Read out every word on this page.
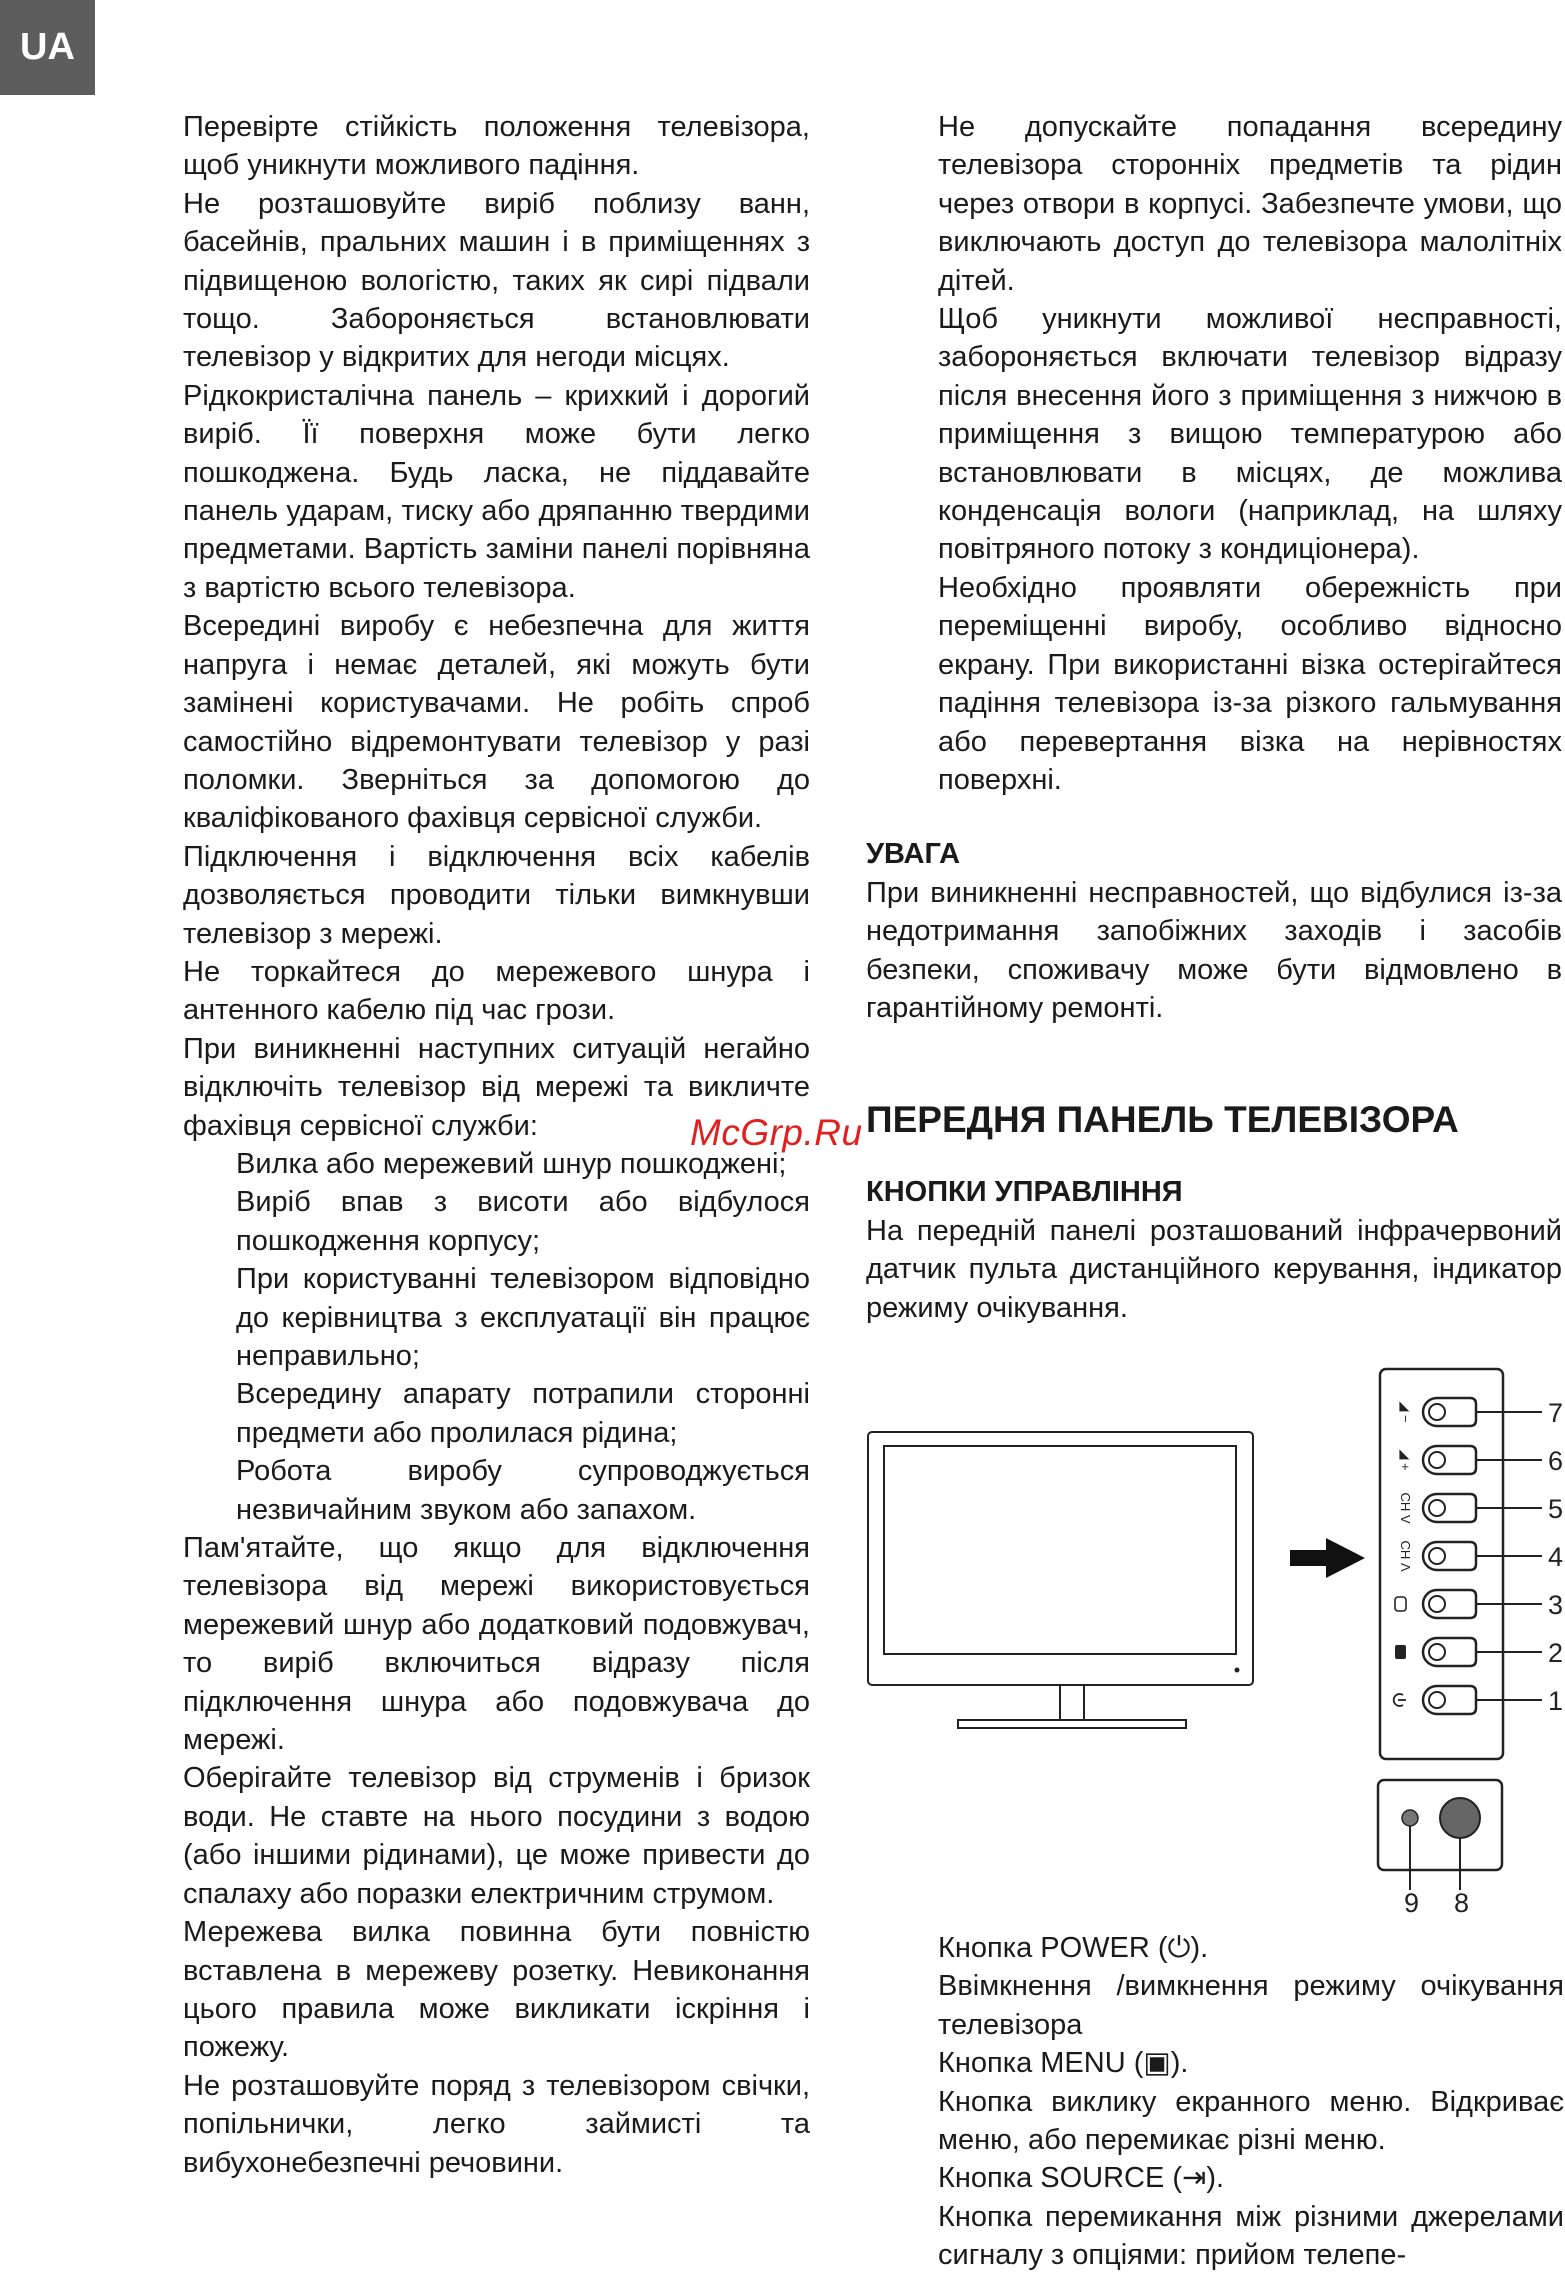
UA

Перевірте стійкість положення телевізора, щоб уникнути можливого падіння.

Не розташовуйте виріб поблизу ванн, басейнів, пральних машин і в приміщеннях з підвищеною вологістю, таких як сирі підвали тощо. Забороняється встановлювати телевізор у відкритих для негоди місцях.

Рідкокристалічна панель – крихкий і дорогий виріб. Її поверхня може бути легко пошкоджена. Будь ласка, не піддавайте панель ударам, тиску або дряпанню твердими предметами. Вартість заміни панелі порівняна з вартістю всього телевізора.

Всередині виробу є небезпечна для життя напруга і немає деталей, які можуть бути замінені користувачами. Не робіть спроб самостійно відремонтувати телевізор у разі поломки. Зверніться за допомогою до кваліфікованого фахівця сервісної служби.

Підключення і відключення всіх кабелів дозволяється проводити тільки вимкнувши телевізор з мережі.

Не торкайтеся до мережевого шнура і антенного кабелю під час грози.

При виникненні наступних ситуацій негайно відключіть телевізор від мережі та викличте фахівця сервісної служби:

Вилка або мережевий шнур пошкоджені;

Виріб впав з висоти або відбулося пошкодження корпусу;

При користуванні телевізором відповідно до керівництва з експлуатації він працює неправильно;

Всередину апарату потрапили сторонні предмети або пролилася рідина;

Робота виробу супроводжується незвичайним звуком або запахом.

Пам'ятайте, що якщо для відключення телевізора від мережі використовується мережевий шнур або додатковий подовжувач, то виріб включиться відразу після підключення шнура або подовжувача до мережі.

Оберігайте телевізор від струменів і бризок води. Не ставте на нього посудини з водою (або іншими рідинами), це може привести до спалаху або поразки електричним струмом.

Мережева вилка повинна бути повністю вставлена в мережеву розетку. Невиконання цього правила може викликати іскріння і пожежу.

Не розташовуйте поряд з телевізором свічки, попільнички, легко займисті та вибухонебезпечні речовини.

Не допускайте попадання всередину телевізора сторонніх предметів та рідин через отвори в корпусі. Забезпечте умови, що виключають доступ до телевізора малолітніх дітей.

Щоб уникнути можливої несправності, забороняється включати телевізор відразу після внесення його з приміщення з нижчою в приміщення з вищою температурою або встановлювати в місцях, де можлива конденсація вологи (наприклад, на шляху повітряного потоку з кондиціонера).

Необхідно проявляти обережність при переміщенні виробу, особливо відносно екрану. При використанні візка остерігайтеся падіння телевізора із-за різкого гальмування або перевертання візка на нерівностях поверхні.

УВАГА

При виникненні несправностей, що відбулися із-за недотримання запобіжних заходів і засобів безпеки, споживачу може бути відмовлено в гарантійному ремонті.

ПЕРЕДНЯ ПАНЕЛЬ ТЕЛЕВІЗОРА

КНОПКИ УПРАВЛІННЯ

На передній панелі розташований інфрачервоний датчик пульта дистанційного керування, індикатор режиму очікування.

McGrp.Ru
7
◢ −
6
◢ +
5
CH V
4
CH Λ
3
2
1
9 8

Кнопка POWER (⏻).

Ввімкнення /вимкнення режиму очікування телевізора

Кнопка MENU (▣).

Кнопка виклику екранного меню. Відкриває меню, або перемикає різні меню.

Кнопка SOURCE (⇥).

Кнопка перемикання між різними джерелами сигналу з опціями: прийом телепе-
